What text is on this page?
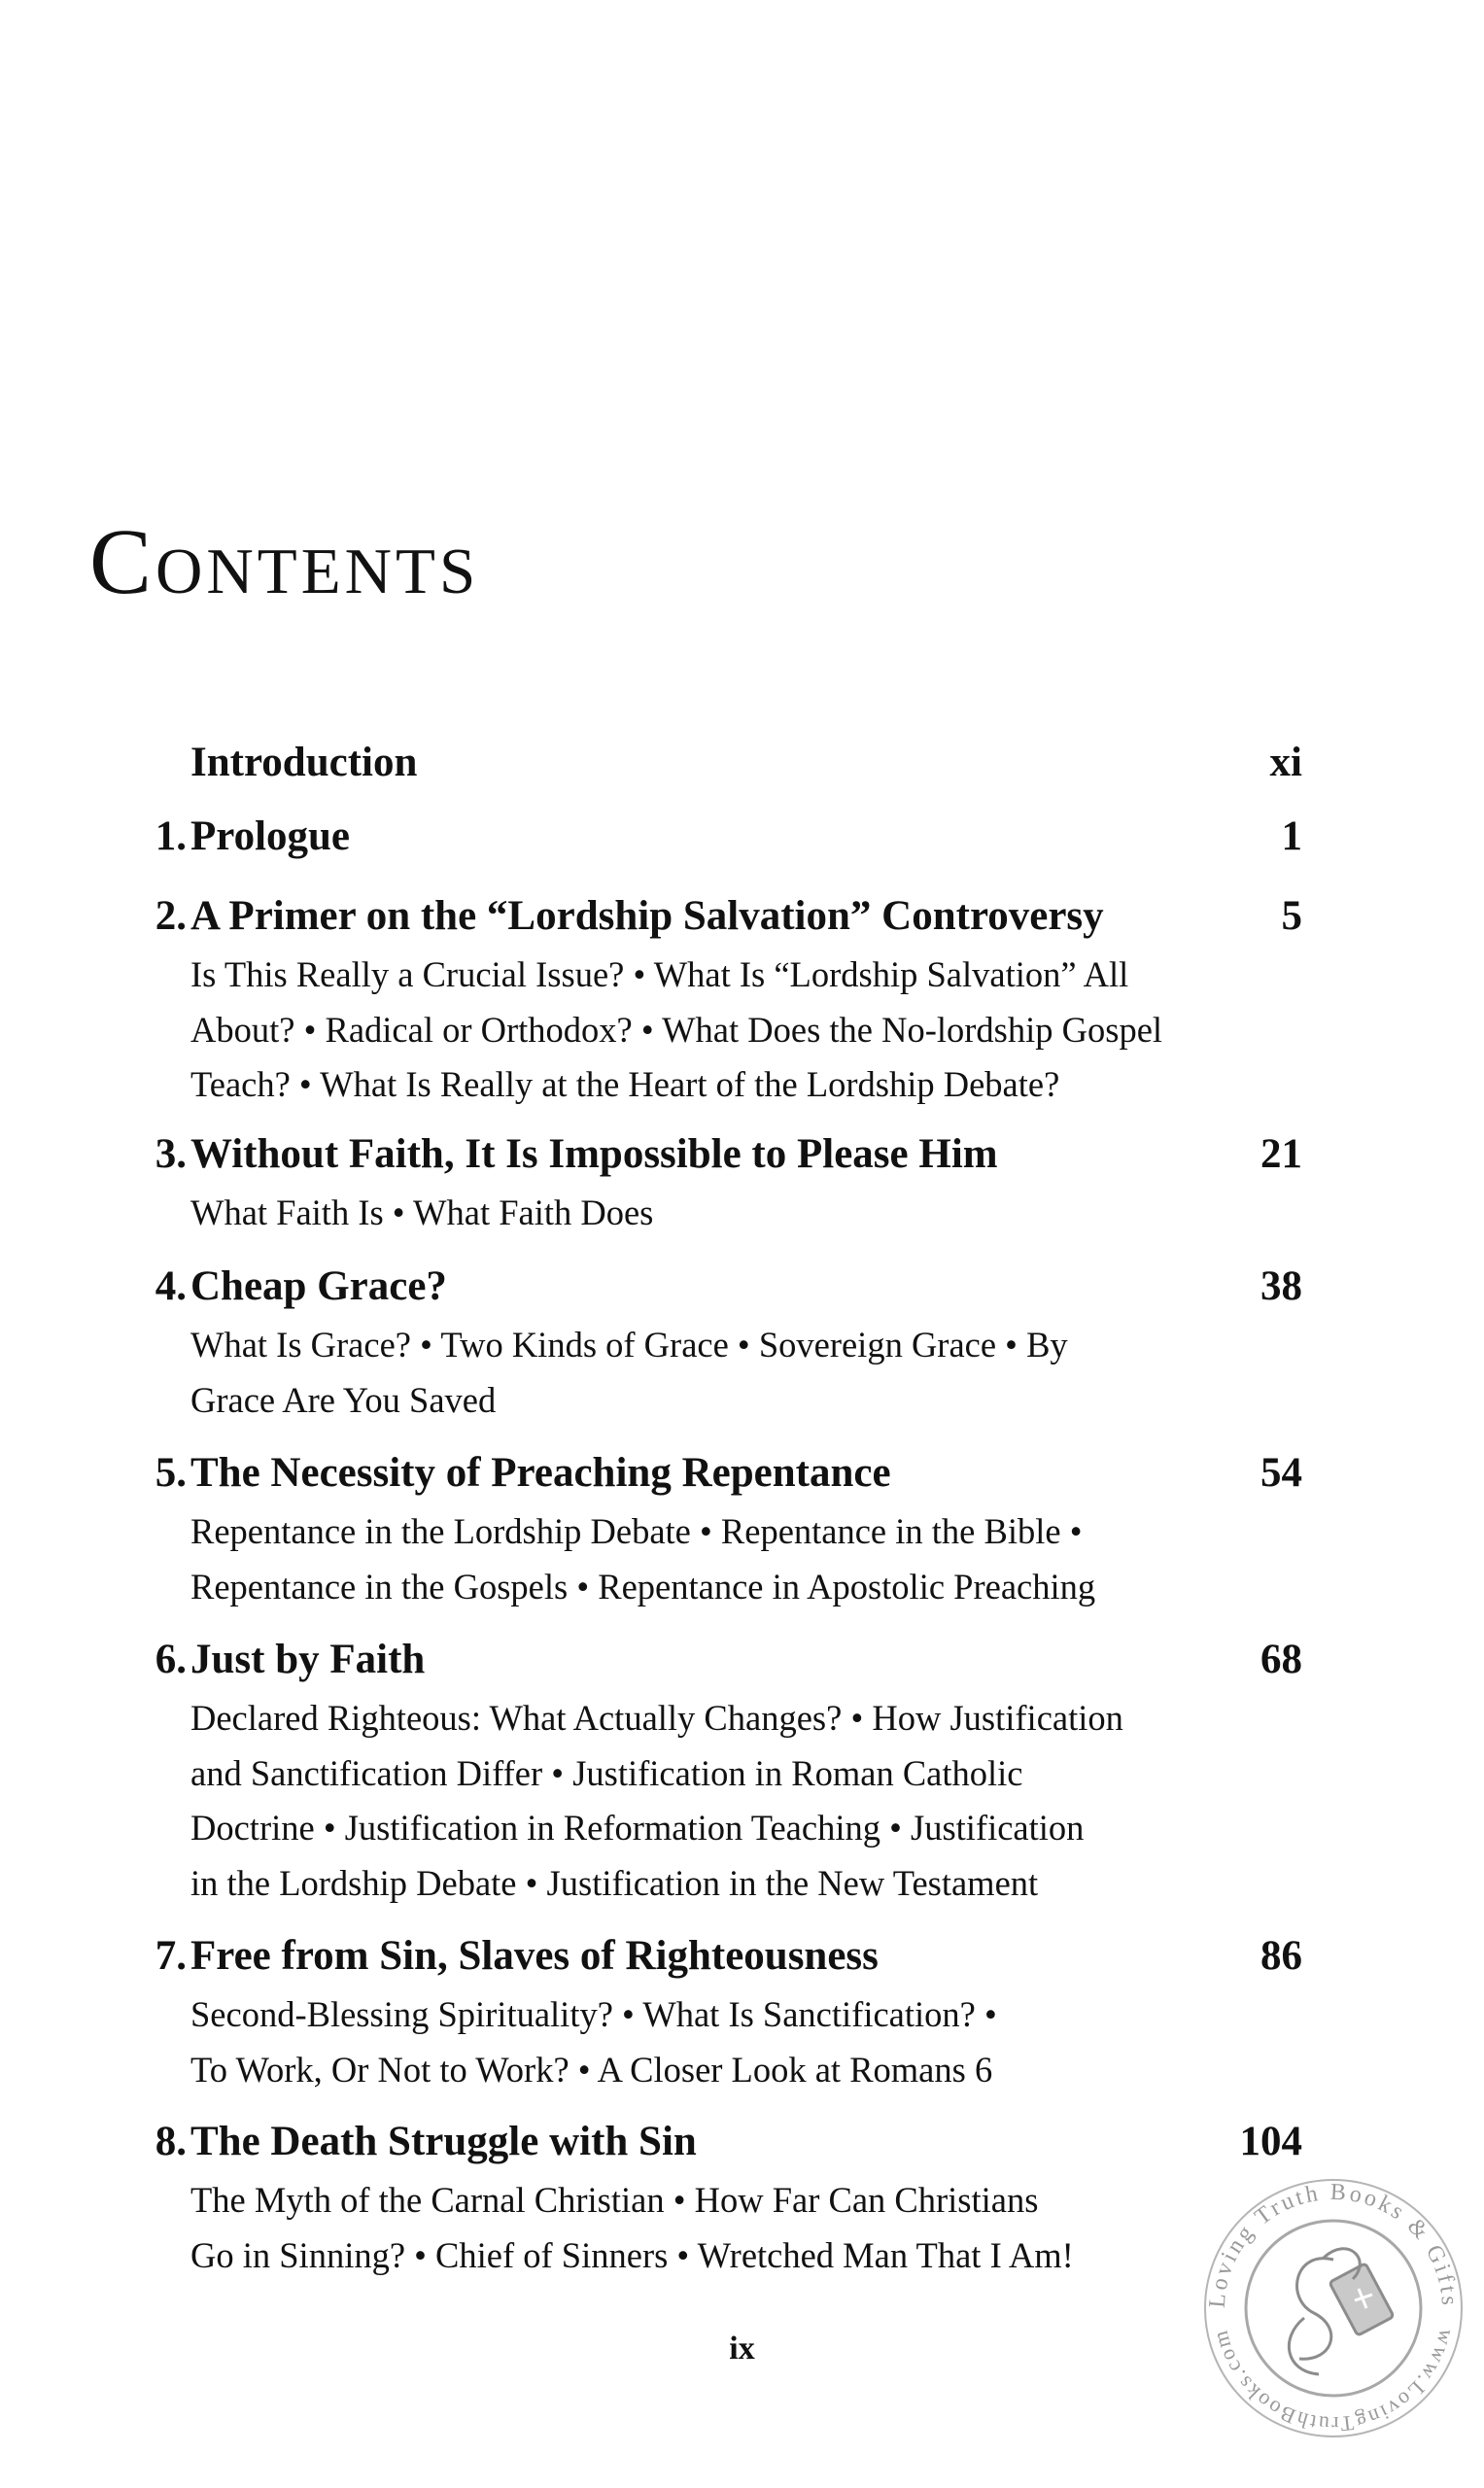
Contents
Introduction	xi
1. Prologue	1
2. A Primer on the “Lordship Salvation” Controversy	5
Is This Really a Crucial Issue? • What Is “Lordship Salvation” All
About? • Radical or Orthodox? • What Does the No-lordship Gospel
Teach? • What Is Really at the Heart of the Lordship Debate?
3. Without Faith, It Is Impossible to Please Him	21
What Faith Is • What Faith Does
4. Cheap Grace?	38
What Is Grace? • Two Kinds of Grace • Sovereign Grace • By
Grace Are You Saved
5. The Necessity of Preaching Repentance	54
Repentance in the Lordship Debate • Repentance in the Bible •
Repentance in the Gospels • Repentance in Apostolic Preaching
6. Just by Faith	68
Declared Righteous: What Actually Changes? • How Justification
and Sanctification Differ • Justification in Roman Catholic
Doctrine • Justification in Reformation Teaching • Justification
in the Lordship Debate • Justification in the New Testament
7. Free from Sin, Slaves of Righteousness	86
Second-Blessing Spirituality? • What Is Sanctification? •
To Work, Or Not to Work? • A Closer Look at Romans 6
8. The Death Struggle with Sin	104
The Myth of the Carnal Christian • How Far Can Christians
Go in Sinning? • Chief of Sinners • Wretched Man That I Am!
ix
Loving Truth Books & Gifts
www.LovingTruthBooks.com
